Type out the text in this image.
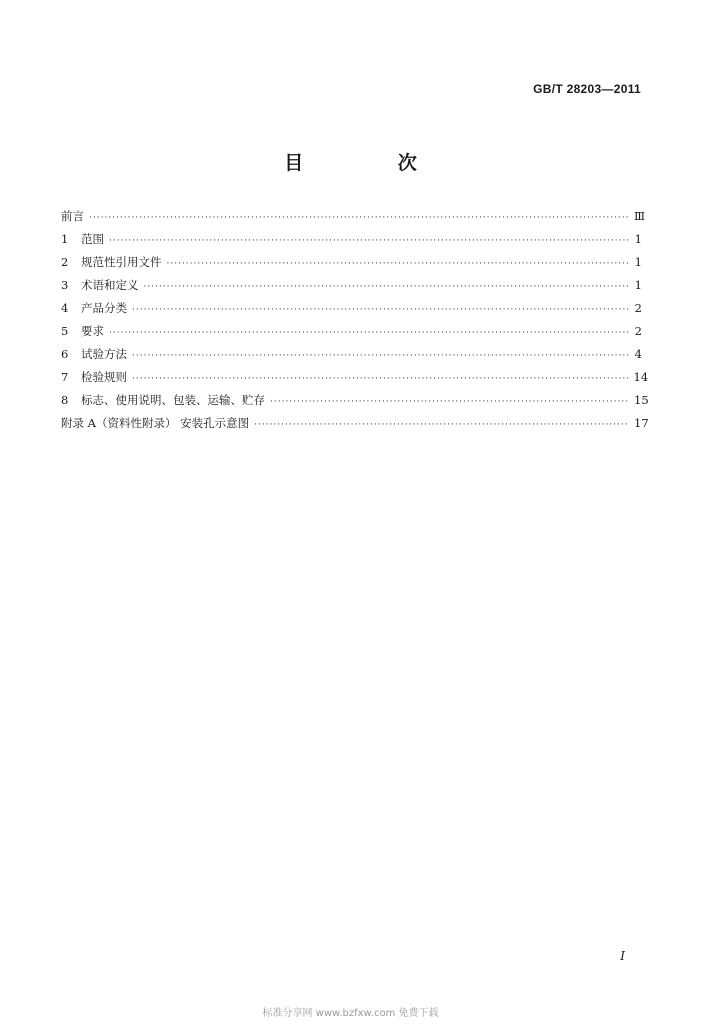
GB/T 28203—2011
目 次
前言 ·····	Ⅲ
1	范围 ·····	1
2	规范性引用文件 ·····	1
3	术语和定义 ·····	1
4	产品分类 ·····	2
5	要求 ·····	2
6	试验方法 ·····	4
7	检验规则 ·····	14
8	标志、使用说明、包装、运输、贮存 ·····	15
附录 A（资料性附录） 安装孔示意图 ·····	17
I
标准分享网 www.bzfxw.com 免费下载
